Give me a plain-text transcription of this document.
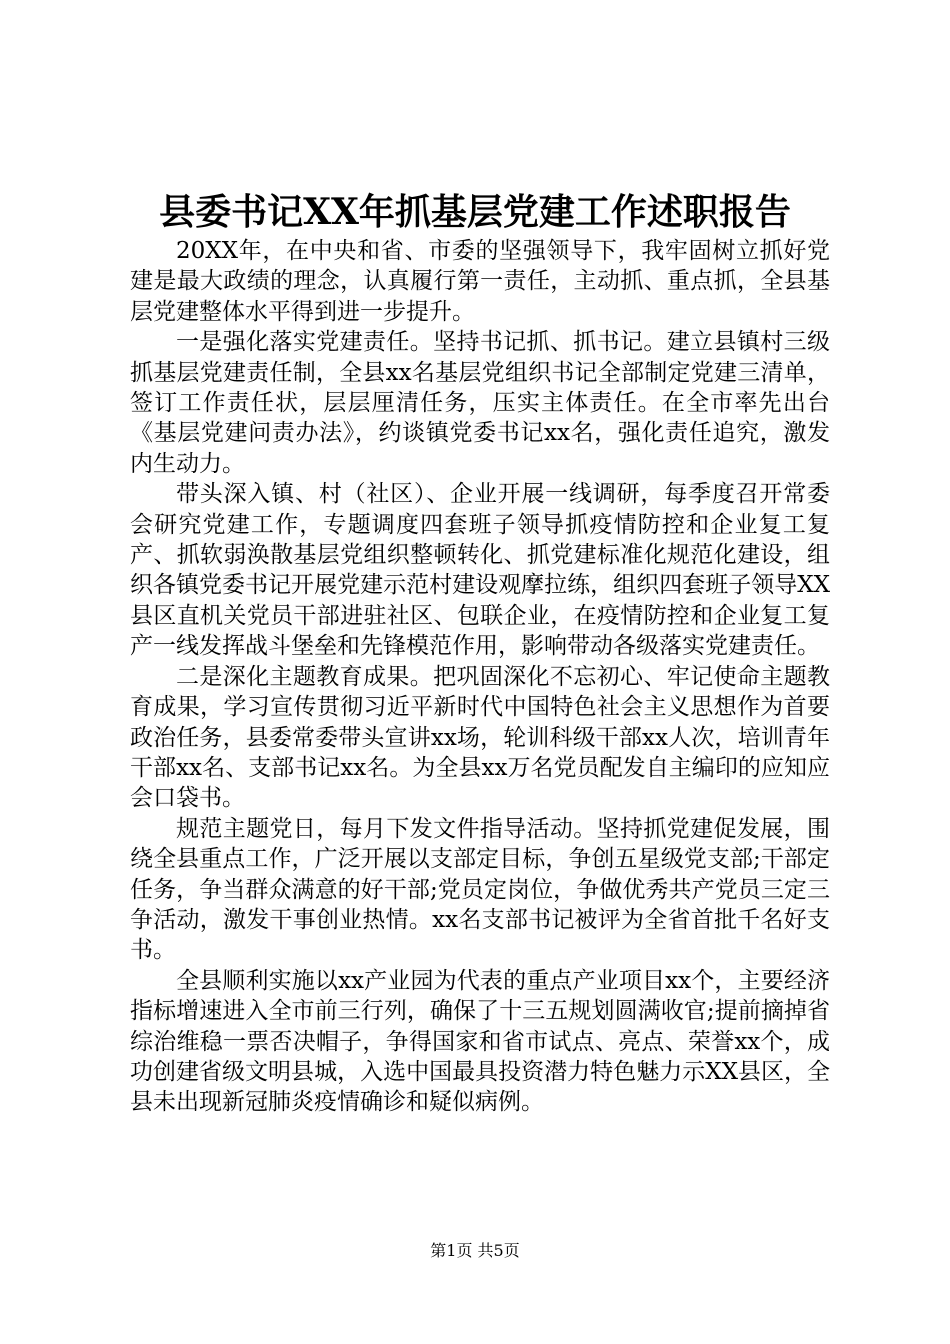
县委书记XX年抓基层党建工作述职报告

20XX年，在中央和省、市委的坚强领导下，我牢固树立抓好党建是最大政绩的理念，认真履行第一责任，主动抓、重点抓，全县基层党建整体水平得到进一步提升。

一是强化落实党建责任。坚持书记抓、抓书记。建立县镇村三级抓基层党建责任制，全县xx名基层党组织书记全部制定党建三清单，签订工作责任状，层层厘清任务，压实主体责任。在全市率先出台《基层党建问责办法》，约谈镇党委书记xx名，强化责任追究，激发内生动力。

带头深入镇、村（社区）、企业开展一线调研，每季度召开常委会研究党建工作，专题调度四套班子领导抓疫情防控和企业复工复产、抓软弱涣散基层党组织整顿转化、抓党建标准化规范化建设，组织各镇党委书记开展党建示范村建设观摩拉练，组织四套班子领导XX县区直机关党员干部进驻社区、包联企业，在疫情防控和企业复工复产一线发挥战斗堡垒和先锋模范作用，影响带动各级落实党建责任。

二是深化主题教育成果。把巩固深化不忘初心、牢记使命主题教育成果，学习宣传贯彻习近平新时代中国特色社会主义思想作为首要政治任务，县委常委带头宣讲xx场，轮训科级干部xx人次，培训青年干部xx名、支部书记xx名。为全县xx万名党员配发自主编印的应知应会口袋书。

规范主题党日，每月下发文件指导活动。坚持抓党建促发展，围绕全县重点工作，广泛开展以支部定目标，争创五星级党支部;干部定任务，争当群众满意的好干部;党员定岗位，争做优秀共产党员三定三争活动，激发干事创业热情。xx名支部书记被评为全省首批千名好支书。

全县顺利实施以xx产业园为代表的重点产业项目xx个，主要经济指标增速进入全市前三行列，确保了十三五规划圆满收官;提前摘掉省综治维稳一票否决帽子，争得国家和省市试点、亮点、荣誉xx个，成功创建省级文明县城，入选中国最具投资潜力特色魅力示XX县区，全县未出现新冠肺炎疫情确诊和疑似病例。

第1页 共5页
